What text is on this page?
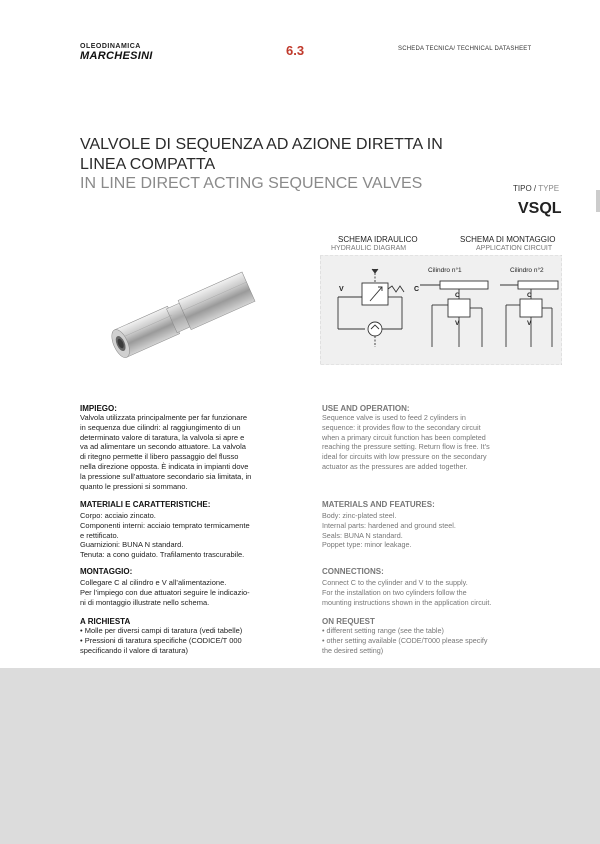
OLEODINAMICA
MARCHESINI	6.3	SCHEDA TECNICA/ TECHNICAL DATASHEET
VALVOLE DI SEQUENZA AD AZIONE DIRETTA IN
LINEA COMPATTA
IN LINE DIRECT ACTING SEQUENCE VALVES	TIPO / TYPE
VSQL
SCHEMA IDRAULICO
HYDRAULIC DIAGRAM
SCHEMA DI MONTAGGIO
APPLICATION CIRCUIT
V	C
Cilindro n°1	Cilindro n°2
C	C
V	V
IMPIEGO:
Valvola utilizzata principalmente per far funzionare
in sequenza due cilindri: al raggiungimento di un
determinato valore di taratura, la valvola si apre e
va ad alimentare un secondo attuatore. La valvola
di ritegno permette il libero passaggio del flusso
nella direzione opposta. È indicata in impianti dove
la pressione sull’attuatore secondario sia limitata, in
quanto le pressioni si sommano.
MATERIALI E CARATTERISTICHE:
Corpo: acciaio zincato.
Componenti interni: acciaio temprato termicamente
e rettificato.
Guarnizioni: BUNA N standard.
Tenuta: a cono guidato. Trafilamento trascurabile.
MONTAGGIO:
Collegare C al cilindro e V all’alimentazione.
Per l’impiego con due attuatori seguire le indicazio-
ni di montaggio illustrate nello schema.
A RICHIESTA
• Molle per diversi campi di taratura (vedi tabelle)
• Pressioni di taratura specifiche (CODICE/T 000
specificando il valore di taratura)
USE AND OPERATION:
Sequence valve is used to feed 2 cylinders in
sequence: it provides flow to the secondary circuit
when a primary circuit function has been completed
reaching the pressure setting. Return flow is free. It’s
ideal for circuits with low pressure on the secondary
actuator as the pressures are added together.
MATERIALS AND FEATURES:
Body: zinc-plated steel.
Internal parts: hardened and ground steel.
Seals: BUNA N standard.
Poppet type: minor leakage.
CONNECTIONS:
Connect C to the cylinder and V to the supply.
For the installation on two cylinders follow the
mounting instructions shown in the application circuit.
ON REQUEST
• different setting range (see the table)
• other setting available (CODE/T000 please specify
the desired setting)
